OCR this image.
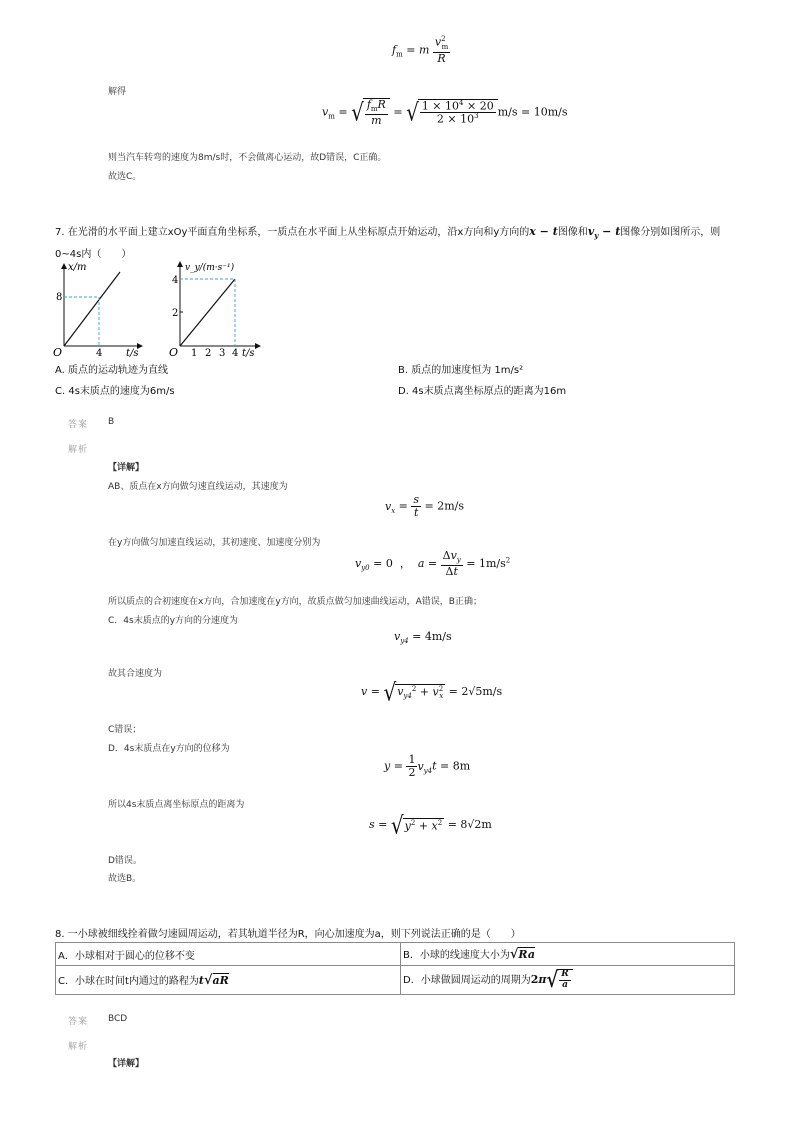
$f_m = m \frac{v^2_m}{R}$
解得
$v_m$ = √ $\frac{f_mR}{m}$ = √ $\frac{1 \times 10^4 \times 20}{2 \times 10^3} m/s = 10m/s$
则当汽车转弯的速度为8m/s时，不会做离心运动，故D错误，C正确。
故选C。
7. 在光滑的水平面上建立xOy平面直角坐标系，一质点在水平面上从坐标原点开始运动，沿x方向和y方向的x − t图像和$v_y - t$图像分别如图所示，则
0~4s内（　　）
x/m
8
O	4 t/s
v_y/(m·s⁻¹)
4
2
O 1 2 3 4 t/s
A. 质点的运动轨迹为直线	B. 质点的加速度恒为 1m/s²
C. 4s末质点的速度为6m/s	D. 4s末质点离坐标原点的距离为16m
答案 B
解析
【详解】
AB、质点在x方向做匀速直线运动，其速度为
$v_x = \frac{s}{t} = 2m/s$
在y方向做匀加速直线运动，其初速度、加速度分别为
$v_{y0} = 0$  ，  $a = \frac{\Delta v_y}{\Delta t} = 1m/s^2$
所以质点的合初速度在x方向，合加速度在y方向，故质点做匀加速曲线运动，A错误，B正确；
C．4s末质点的y方向的分速度为
$v_{y4} = 4m/s$
故其合速度为
$v = √v_{y4}^2 + v^2_x = 2√5m/s$
C错误；
D．4s末质点在y方向的位移为
$y = \frac{1}{2} v_{y4}t = 8m$
所以4s末质点离坐标原点的距离为
$s = √y^2 + x^2 = 8√2m$
D错误。
故选B。
8. 一小球被细线拴着做匀速圆周运动，若其轨道半径为R，向心加速度为a，则下列说法正确的是（　　）
A．小球相对于圆心的位移不变	B．小球的线速度大小为√Ra
C．小球在时间t内通过的路程为t√aR	D．小球做圆周运动的周期为$2\pi√ \frac{R}{a}$
答案 BCD
解析
【详解】
